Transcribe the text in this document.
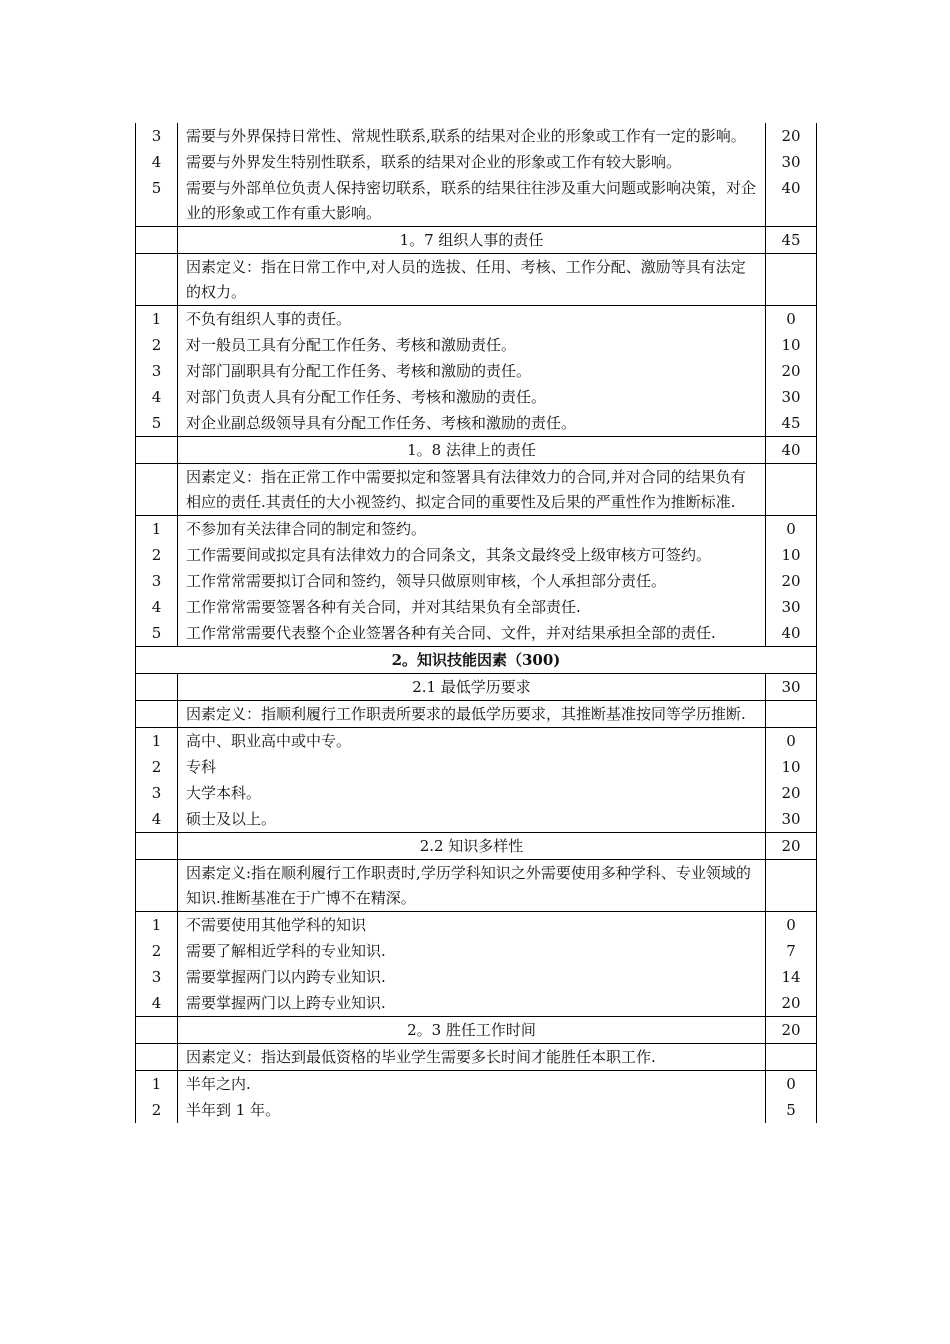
3	需要与外界保持日常性、常规性联系,联系的结果对企业的形象或工作有一定的影响。	20
4	需要与外界发生特别性联系，联系的结果对企业的形象或工作有较大影响。	30
5	需要与外部单位负责人保持密切联系，联系的结果往往涉及重大问题或影响决策，对企业的形象或工作有重大影响。	40
	1。7 组织人事的责任	45
	因素定义：指在日常工作中,对人员的选拔、任用、考核、工作分配、激励等具有法定的权力。	
1	不负有组织人事的责任。	0
2	对一般员工具有分配工作任务、考核和激励责任。	10
3	对部门副职具有分配工作任务、考核和激励的责任。	20
4	对部门负责人具有分配工作任务、考核和激励的责任。	30
5	对企业副总级领导具有分配工作任务、考核和激励的责任。	45
	1。8 法律上的责任	40
	因素定义：指在正常工作中需要拟定和签署具有法律效力的合同,并对合同的结果负有相应的责任.其责任的大小视签约、拟定合同的重要性及后果的严重性作为推断标准.	
1	不参加有关法律合同的制定和签约。	0
2	工作需要间或拟定具有法律效力的合同条文，其条文最终受上级审核方可签约。	10
3	工作常常需要拟订合同和签约，领导只做原则审核，个人承担部分责任。	20
4	工作常常需要签署各种有关合同，并对其结果负有全部责任.	30
5	工作常常需要代表整个企业签署各种有关合同、文件，并对结果承担全部的责任.	40
2。知识技能因素（300)		
	2.1 最低学历要求	30
	因素定义：指顺利履行工作职责所要求的最低学历要求，其推断基准按同等学历推断.	
1	高中、职业高中或中专。	0
2	专科	10
3	大学本科。	20
4	硕士及以上。	30
	2.2 知识多样性	20
	因素定义:指在顺利履行工作职责时,学历学科知识之外需要使用多种学科、专业领域的知识.推断基准在于广博不在精深。	
1	不需要使用其他学科的知识	0
2	需要了解相近学科的专业知识.	7
3	需要掌握两门以内跨专业知识.	14
4	需要掌握两门以上跨专业知识.	20
	2。3 胜任工作时间	20
	因素定义：指达到最低资格的毕业学生需要多长时间才能胜任本职工作.	
1	半年之内.	0
2	半年到 1 年。	5
